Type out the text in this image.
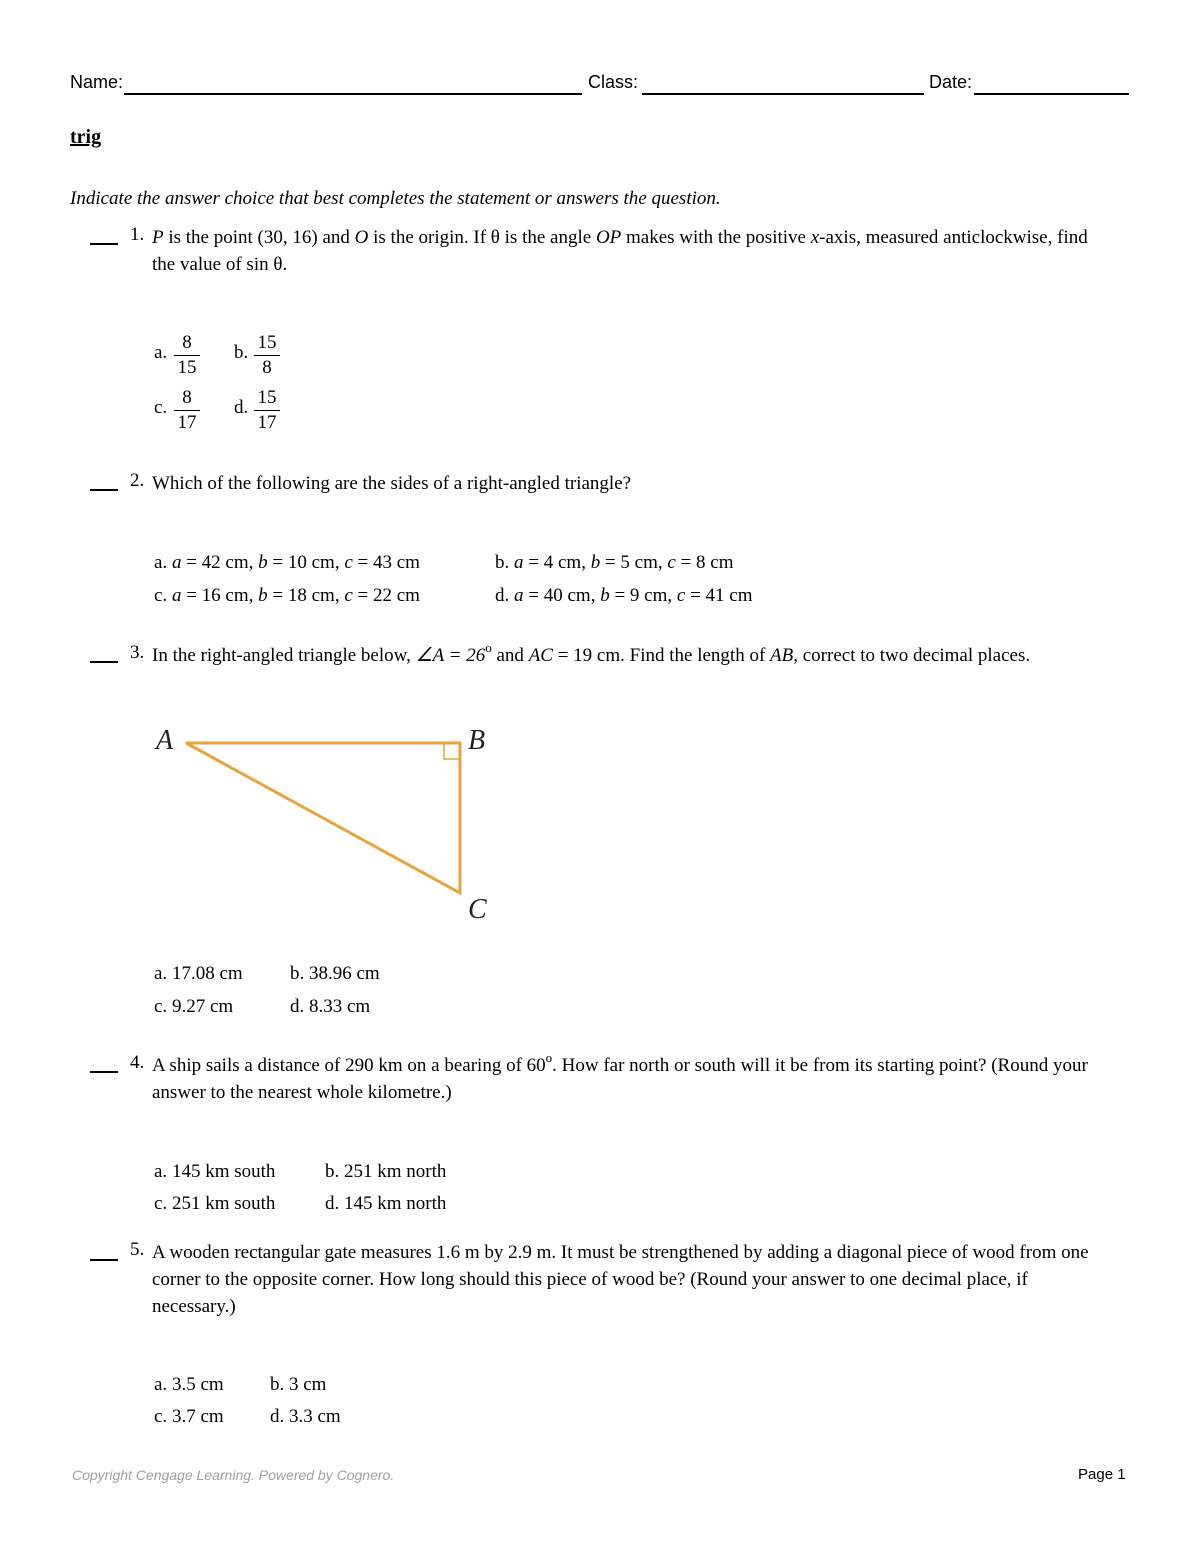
Name:	Class:	Date:
trig
Indicate the answer choice that best completes the statement or answers the question.
1. P is the point (30, 16) and O is the origin. If θ is the angle OP makes with the positive x-axis, measured anticlockwise, find the value of sin θ.
a. 8
15
b. 15
8
c. 8
17
d. 15
17
2. Which of the following are the sides of a right-angled triangle?
a. a = 42 cm, b = 10 cm, c = 43 cm	b. a = 4 cm, b = 5 cm, c = 8 cm
c. a = 16 cm, b = 18 cm, c = 22 cm	d. a = 40 cm, b = 9 cm, c = 41 cm
3. In the right-angled triangle below, ∠A = $26^o$ and AC = 19 cm. Find the length of AB, correct to two decimal places.
A	B
C
a. 17.08 cm b. 38.96 cm
c. 9.27 cm	d. 8.33 cm
4. A ship sails a distance of 290 km on a bearing of 60$^o$. How far north or south will it be from its starting point? (Round your answer to the nearest whole kilometre.)
a. 145 km south	b. 251 km north
c. 251 km south	d. 145 km north
5. A wooden rectangular gate measures 1.6 m by 2.9 m. It must be strengthened by adding a diagonal piece of wood from one corner to the opposite corner. How long should this piece of wood be? (Round your answer to one decimal place, if necessary.)
a. 3.5 cm b. 3 cm
c. 3.7 cm d. 3.3 cm
Copyright Cengage Learning. Powered by Cognero.	Page 1
